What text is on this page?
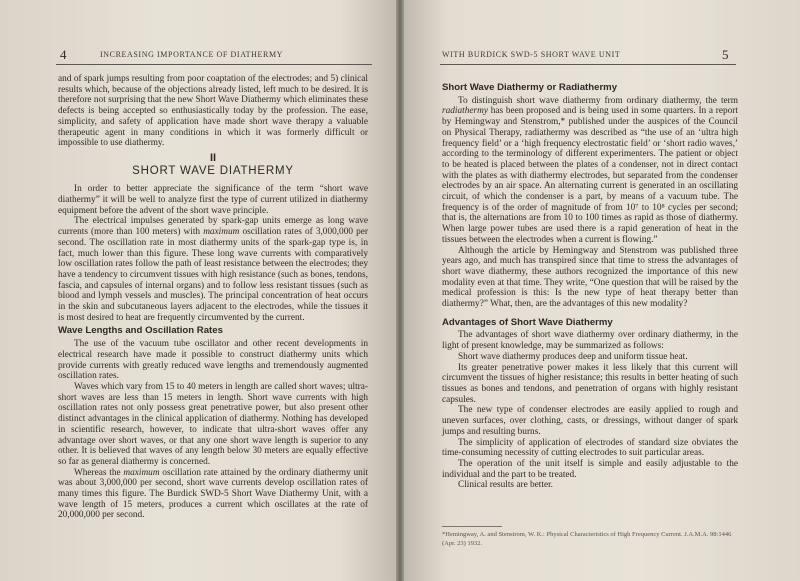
4	INCREASING IMPORTANCE OF DIATHERMY

and of spark jumps resulting from poor coaptation of the electrodes; and 5) clinical results which, because of the objections already listed, left much to be desired. It is therefore not surprising that the new Short Wave Diathermy which eliminates these defects is being accepted so enthusiastically today by the profession. The ease, simplicity, and safety of application have made short wave therapy a valuable therapeutic agent in many conditions in which it was formerly difficult or impossible to use diathermy.

II

SHORT WAVE DIATHERMY

In order to better appreciate the significance of the term “short wave diathermy” it will be well to analyze first the type of current utilized in diathermy equipment before the advent of the short wave principle.

The electrical impulses generated by spark-gap units emerge as long wave currents (more than 100 meters) with maximum oscillation rates of 3,000,000 per second. The oscillation rate in most diathermy units of the spark-gap type is, in fact, much lower than this figure. These long wave currents with comparatively low oscillation rates follow the path of least resistance between the electrodes; they have a tendency to circumvent tissues with high resistance (such as bones, tendons, fascia, and capsules of internal organs) and to follow less resistant tissues (such as blood and lymph vessels and muscles). The principal concentration of heat occurs in the skin and subcutaneous layers adjacent to the electrodes, while the tissues it is most desired to heat are frequently circumvented by the current.

Wave Lengths and Oscillation Rates

The use of the vacuum tube oscillator and other recent developments in electrical research have made it possible to construct diathermy units which provide currents with greatly reduced wave lengths and tremendously augmented oscillation rates.

Waves which vary from 15 to 40 meters in length are called short waves; ultra-short waves are less than 15 meters in length. Short wave currents with high oscillation rates not only possess great penetrative power, but also present other distinct advantages in the clinical application of diathermy. Nothing has developed in scientific research, however, to indicate that ultra-short waves offer any advantage over short waves, or that any one short wave length is superior to any other. It is believed that waves of any length below 30 meters are equally effective so far as general diathermy is concerned.

Whereas the maximum oscillation rate attained by the ordinary diathermy unit was about 3,000,000 per second, short wave currents develop oscillation rates of many times this figure. The Burdick SWD-5 Short Wave Diathermy Unit, with a wave length of 15 meters, produces a current which oscillates at the rate of 20,000,000 per second.

WITH BURDICK SWD-5 SHORT WAVE UNIT	5

Short Wave Diathermy or Radiathermy

To distinguish short wave diathermy from ordinary diathermy, the term radiathermy has been proposed and is being used in some quarters. In a report by Hemingway and Stenstrom,* published under the auspices of the Council on Physical Therapy, radiathermy was described as “the use of an ‘ultra high frequency field’ or a ‘high frequency electrostatic field’ or ‘short radio waves,’ according to the terminology of different experimenters. The patient or object to be heated is placed between the plates of a condenser, not in direct contact with the plates as with diathermy electrodes, but separated from the condenser electrodes by an air space. An alternating current is generated in an oscillating circuit, of which the condenser is a part, by means of a vacuum tube. The frequency is of the order of magnitude of from 10⁷ to 10⁸ cycles per second; that is, the alternations are from 10 to 100 times as rapid as those of diathermy. When large power tubes are used there is a rapid generation of heat in the tissues between the electrodes when a current is flowing.”

Although the article by Hemingway and Stenstrom was published three years ago, and much has transpired since that time to stress the advantages of short wave diathermy, these authors recognized the importance of this new modality even at that time. They write, “One question that will be raised by the medical profession is this: Is the new type of heat therapy better than diathermy?” What, then, are the advantages of this new modality?

Advantages of Short Wave Diathermy

The advantages of short wave diathermy over ordinary diathermy, in the light of present knowledge, may be summarized as follows:

Short wave diathermy produces deep and uniform tissue heat.

Its greater penetrative power makes it less likely that this current will circumvent the tissues of higher resistance; this results in better heating of such tissues as bones and tendons, and penetration of organs with highly resistant capsules.

The new type of condenser electrodes are easily applied to rough and uneven surfaces, over clothing, casts, or dressings, without danger of spark jumps and resulting burns.

The simplicity of application of electrodes of standard size obviates the time-consuming necessity of cutting electrodes to suit particular areas.

The operation of the unit itself is simple and easily adjustable to the individual and the part to be treated.

Clinical results are better.

*Hemingway, A. and Stenstrom, W. K.: Physical Characteristics of High Frequency Current. J.A.M.A. 98:1446 (Apr. 23) 1932.
